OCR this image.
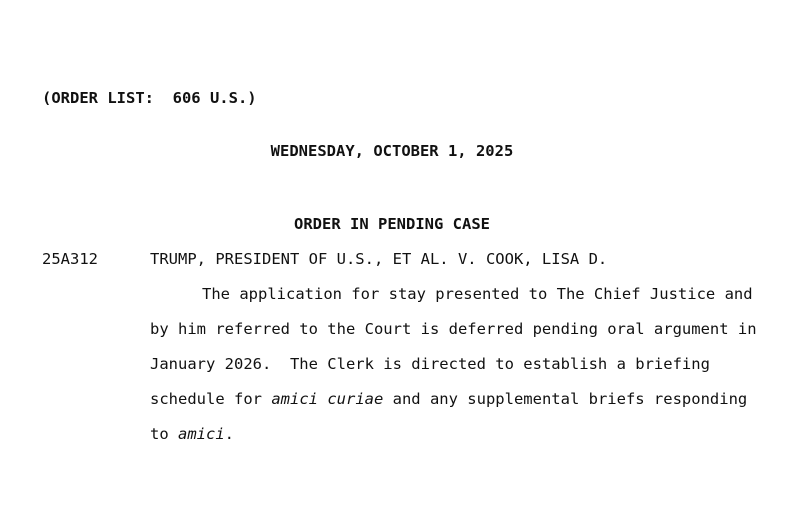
(ORDER LIST:  606 U.S.)
WEDNESDAY, OCTOBER 1, 2025
ORDER IN PENDING CASE
25A312	TRUMP, PRESIDENT OF U.S., ET AL. V. COOK, LISA D.
The application for stay presented to The Chief Justice and
by him referred to the Court is deferred pending oral argument in
January 2026.  The Clerk is directed to establish a briefing
schedule for amici curiae and any supplemental briefs responding
to amici.
